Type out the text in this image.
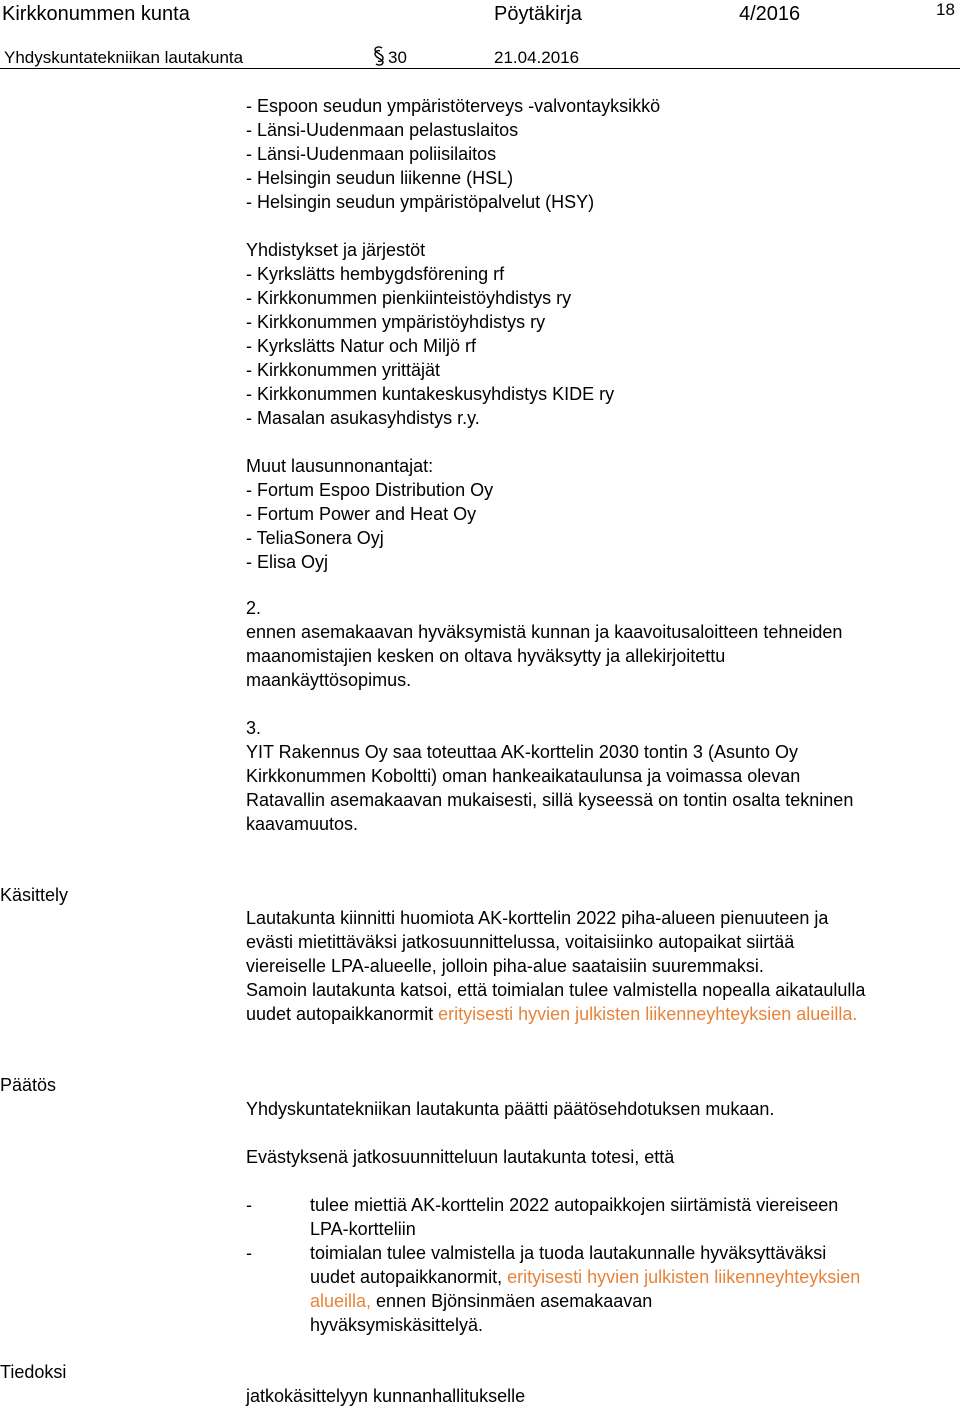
Kirkkonummen kunta	Pöytäkirja	4/2016	18
Yhdyskuntatekniikan lautakunta	30	21.04.2016
- Espoon seudun ympäristöterveys -valvontayksikkö
- Länsi-Uudenmaan pelastuslaitos
- Länsi-Uudenmaan poliisilaitos
- Helsingin seudun liikenne (HSL)
- Helsingin seudun ympäristöpalvelut (HSY)
Yhdistykset ja järjestöt
- Kyrkslätts hembygdsförening rf
- Kirkkonummen pienkiinteistöyhdistys ry
- Kirkkonummen ympäristöyhdistys ry
- Kyrkslätts Natur och Miljö rf
- Kirkkonummen yrittäjät
- Kirkkonummen kuntakeskusyhdistys KIDE ry
- Masalan asukasyhdistys r.y.
Muut lausunnonantajat:
- Fortum Espoo Distribution Oy
- Fortum Power and Heat Oy
- TeliaSonera Oyj
- Elisa Oyj
2.
ennen asemakaavan hyväksymistä kunnan ja kaavoitusaloitteen tehneiden
maanomistajien kesken on oltava hyväksytty ja allekirjoitettu
maankäyttösopimus.
3.
YIT Rakennus Oy saa toteuttaa AK-korttelin 2030 tontin 3 (Asunto Oy
Kirkkonummen Koboltti) oman hankeaikataulunsa ja voimassa olevan
Ratavallin asemakaavan mukaisesti, sillä kyseessä on tontin osalta tekninen
kaavamuutos.
Käsittely
Lautakunta kiinnitti huomiota AK-korttelin 2022 piha-alueen pienuuteen ja
evästi mietittäväksi jatkosuunnittelussa, voitaisiinko autopaikat siirtää
viereiselle LPA-alueelle, jolloin piha-alue saataisiin suuremmaksi.
Samoin lautakunta katsoi, että toimialan tulee valmistella nopealla aikataululla
uudet autopaikkanormit erityisesti hyvien julkisten liikenneyhteyksien alueilla.
Päätös
Yhdyskuntatekniikan lautakunta päätti päätösehdotuksen mukaan.
Evästyksenä jatkosuunnitteluun lautakunta totesi, että
-	tulee miettiä AK-korttelin 2022 autopaikkojen siirtämistä viereiseen
LPA-kortteliin
-	toimialan tulee valmistella ja tuoda lautakunnalle hyväksyttäväksi
uudet autopaikkanormit, erityisesti hyvien julkisten liikenneyhteyksien
alueilla, ennen Bjönsinmäen asemakaavan
hyväksymiskäsittelyä.
Tiedoksi
jatkokäsittelyyn kunnanhallitukselle
